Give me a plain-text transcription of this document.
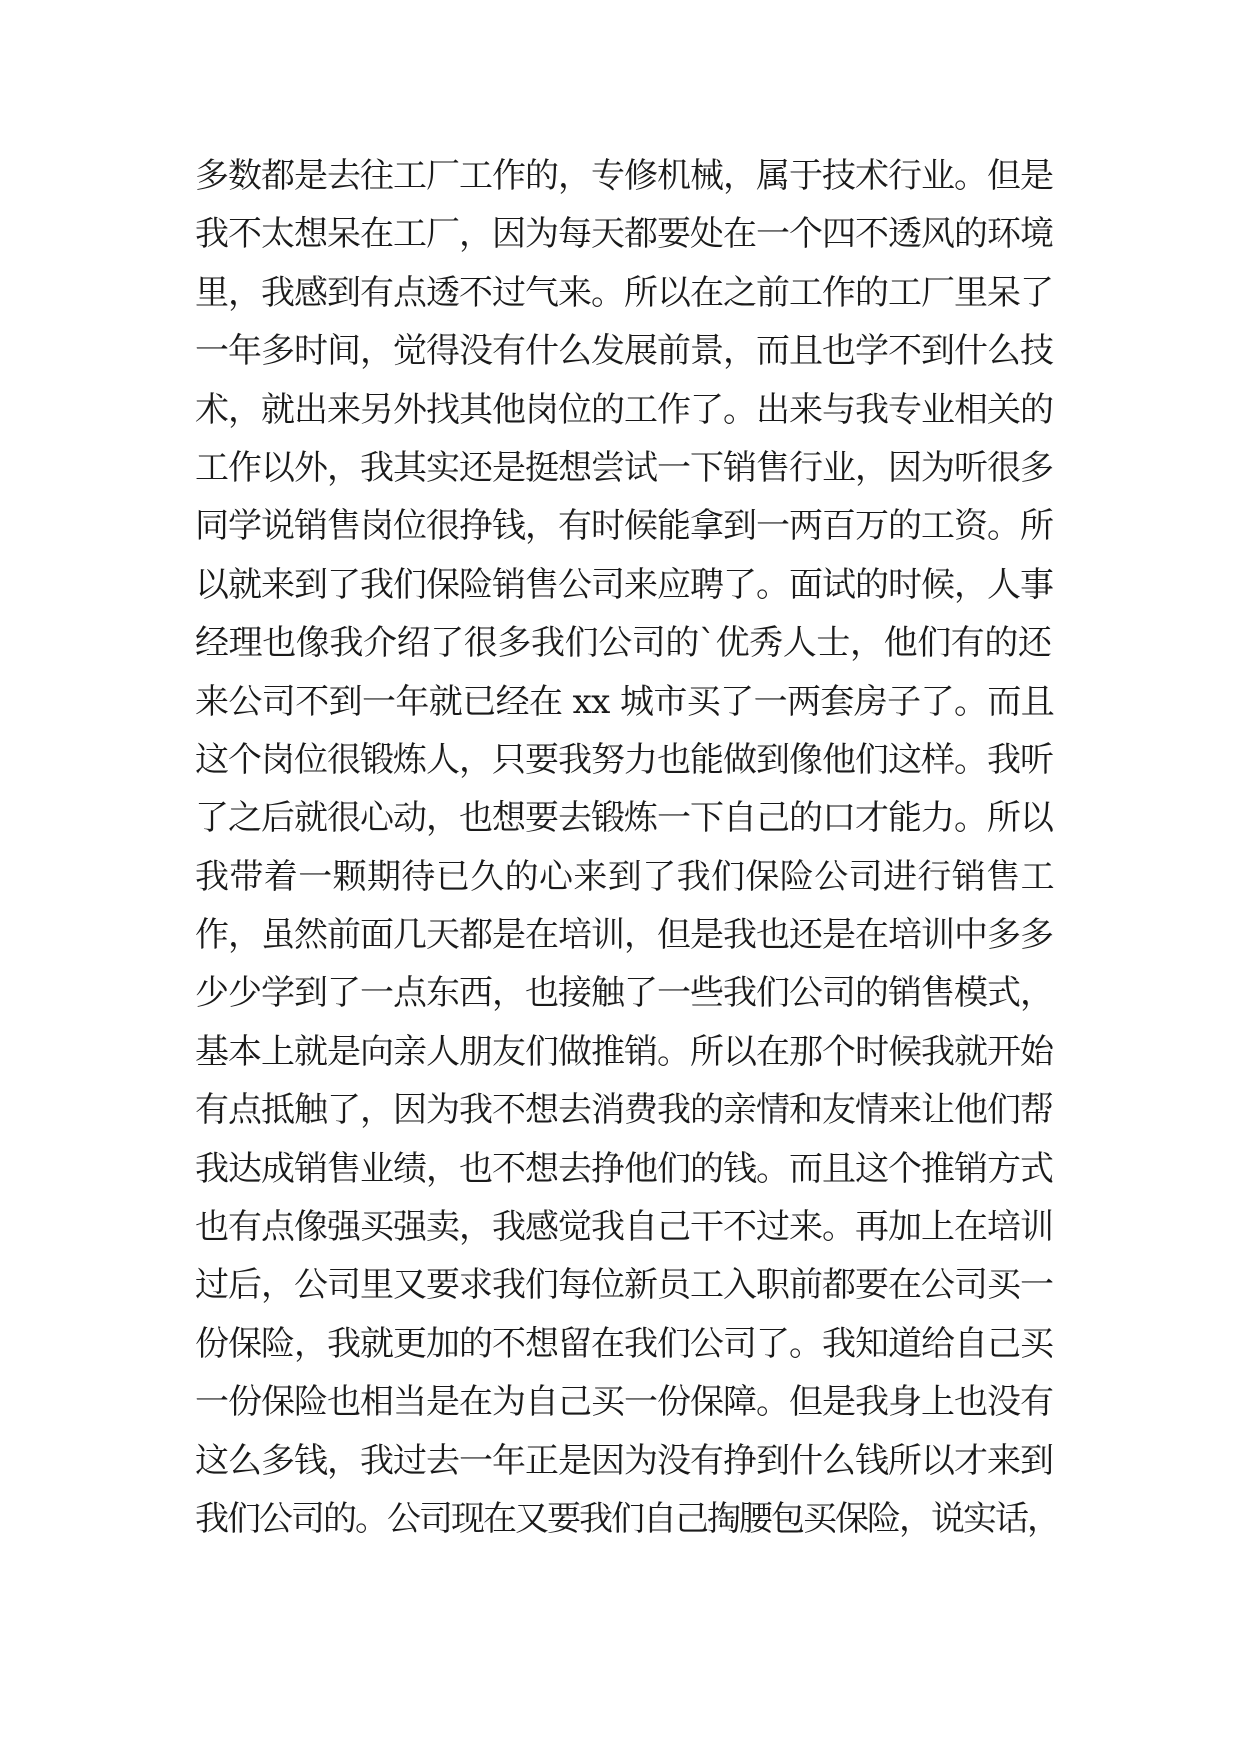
多数都是去往工厂工作的，专修机械，属于技术行业。但是
我不太想呆在工厂，因为每天都要处在一个四不透风的环境
里，我感到有点透不过气来。所以在之前工作的工厂里呆了
一年多时间，觉得没有什么发展前景，而且也学不到什么技
术，就出来另外找其他岗位的工作了。出来与我专业相关的
工作以外，我其实还是挺想尝试一下销售行业，因为听很多
同学说销售岗位很挣钱，有时候能拿到一两百万的工资。所
以就来到了我们保险销售公司来应聘了。面试的时候，人事
经理也像我介绍了很多我们公司的`优秀人士，他们有的还
来公司不到一年就已经在 xx 城市买了一两套房子了。而且
这个岗位很锻炼人，只要我努力也能做到像他们这样。我听
了之后就很心动，也想要去锻炼一下自己的口才能力。所以
我带着一颗期待已久的心来到了我们保险公司进行销售工
作，虽然前面几天都是在培训，但是我也还是在培训中多多
少少学到了一点东西，也接触了一些我们公司的销售模式，
基本上就是向亲人朋友们做推销。所以在那个时候我就开始
有点抵触了，因为我不想去消费我的亲情和友情来让他们帮
我达成销售业绩，也不想去挣他们的钱。而且这个推销方式
也有点像强买强卖，我感觉我自己干不过来。再加上在培训
过后，公司里又要求我们每位新员工入职前都要在公司买一
份保险，我就更加的不想留在我们公司了。我知道给自己买
一份保险也相当是在为自己买一份保障。但是我身上也没有
这么多钱，我过去一年正是因为没有挣到什么钱所以才来到
我们公司的。公司现在又要我们自己掏腰包买保险，说实话，
